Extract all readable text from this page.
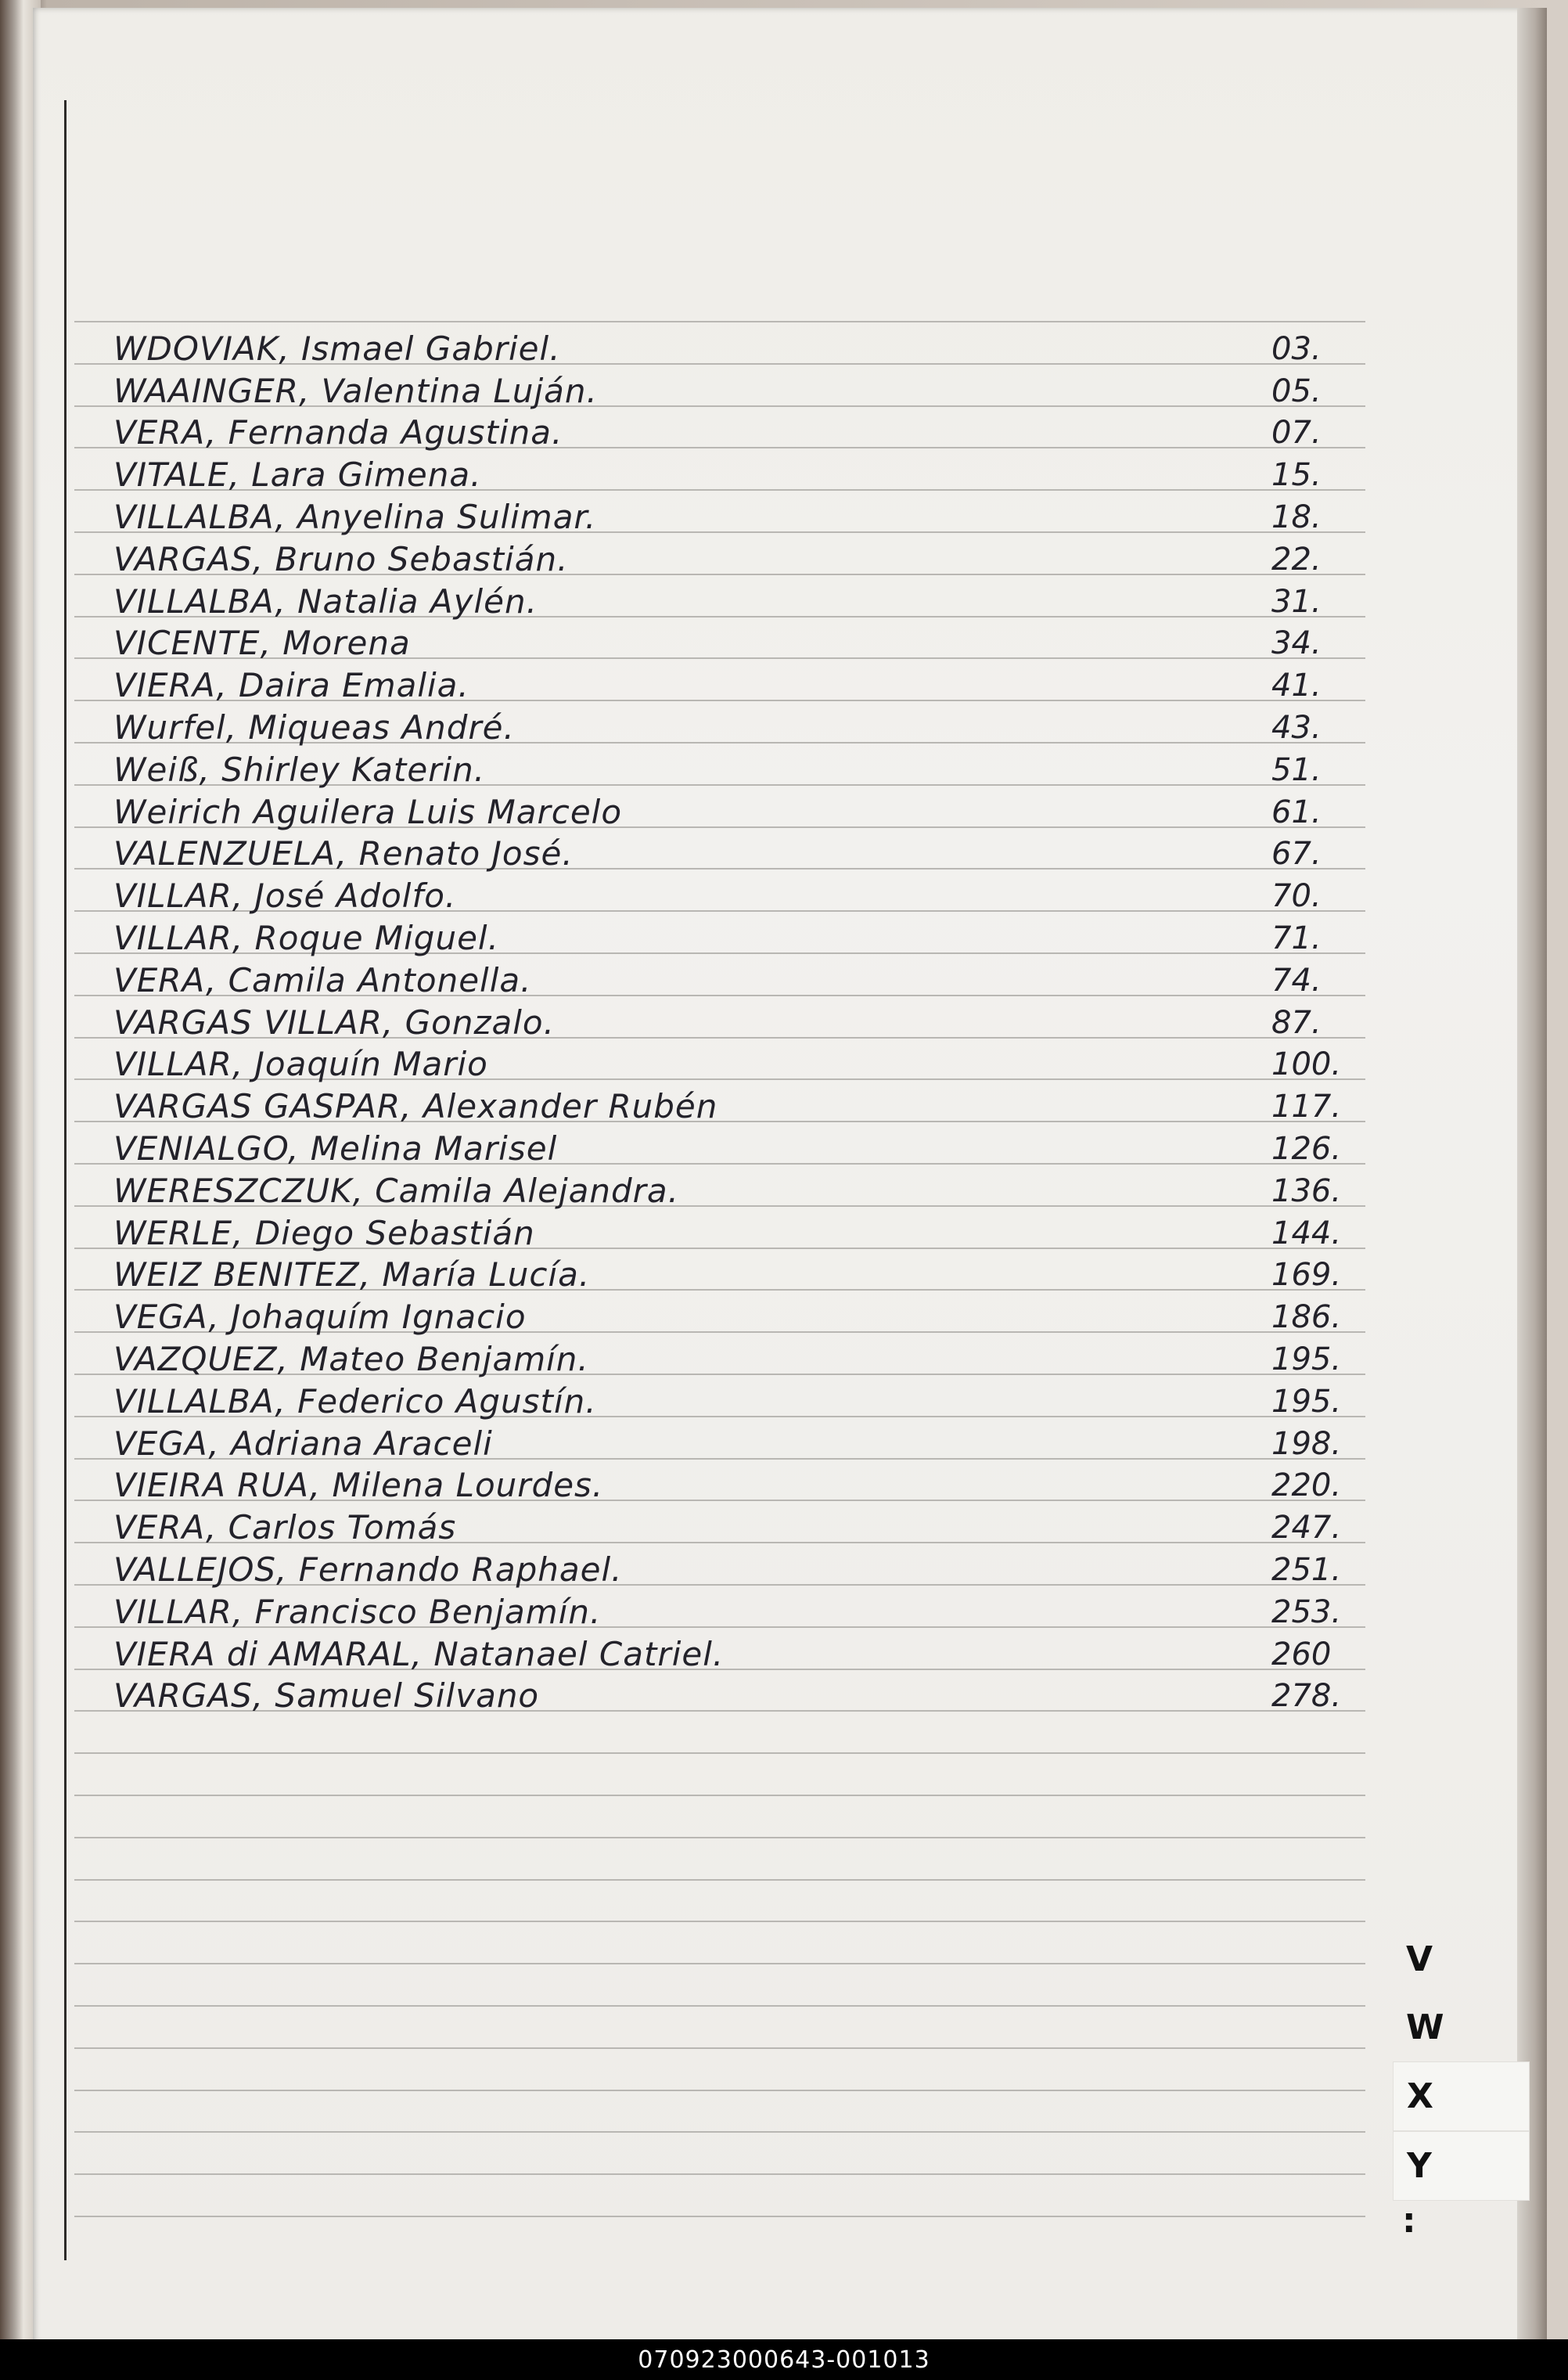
WDOVIAK, Ismael Gabriel.	03.
WAAINGER, Valentina Luján.	05.
VERA, Fernanda Agustina.	07.
VITALE, Lara Gimena.	15.
VILLALBA, Anyelina Sulimar.	18.
VARGAS, Bruno Sebastián.	22.
VILLALBA, Natalia Aylén.	31.
VICENTE, Morena	34.
VIERA, Daira Emalia.	41.
Wurfel, Miqueas André.	43.
Weiß, Shirley Katerin.	51.
Weirich Aguilera Luis Marcelo	61.
VALENZUELA, Renato José.	67.
VILLAR, José Adolfo.	70.
VILLAR, Roque Miguel.	71.
VERA, Camila Antonella.	74.
VARGAS VILLAR, Gonzalo.	87.
VILLAR, Joaquín Mario	100.
VARGAS GASPAR, Alexander Rubén	117.
VENIALGO, Melina Marisel	126.
WERESZCZUK, Camila Alejandra.	136.
WERLE, Diego Sebastián	144.
WEIZ BENITEZ, María Lucía.	169.
VEGA, Johaquím Ignacio	186.
VAZQUEZ, Mateo Benjamín.	195.
VILLALBA, Federico Agustín.	195.
VEGA, Adriana Araceli	198.
VIEIRA RUA, Milena Lourdes.	220.
VERA, Carlos Tomás	247.
VALLEJOS, Fernando Raphael.	251.
VILLAR, Francisco Benjamín.	253.
VIERA di AMARAL, Natanael Catriel.	260
VARGAS, Samuel Silvano	278.
V
W
X
Y
:
070923000643-001013
